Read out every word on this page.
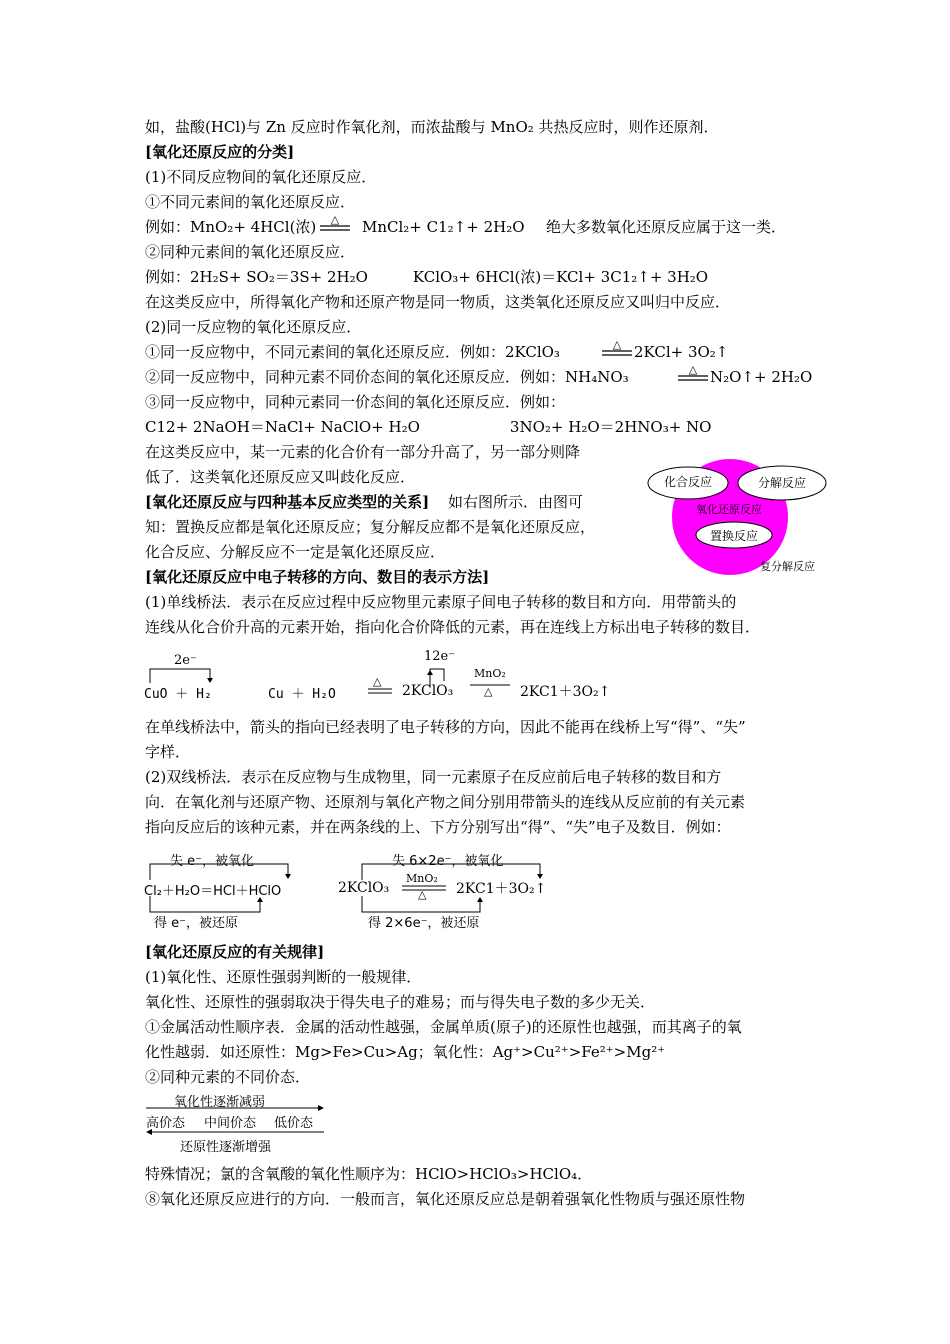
如，盐酸(HCl)与 Zn 反应时作氧化剂，而浓盐酸与 MnO₂ 共热反应时，则作还原剂．
[氧化还原反应的分类]
(1)不同反应物间的氧化还原反应．
①不同元素间的氧化还原反应．
例如：MnO₂+ 4HCl(浓) △ MnCl₂+ C1₂↑+ 2H₂O 绝大多数氧化还原反应属于这一类．
②同种元素间的氧化还原反应．
例如：2H₂S+ SO₂＝3S+ 2H₂O　　　KClO₃+ 6HCl(浓)＝KCl+ 3C1₂↑+ 3H₂O
在这类反应中，所得氧化产物和还原产物是同一物质，这类氧化还原反应又叫归中反应．
(2)同一反应物的氧化还原反应．
①同一反应物中，不同元素间的氧化还原反应．例如：2KClO₃	△ 2KCl+ 3O₂↑
②同一反应物中，同种元素不同价态间的氧化还原反应．例如：NH₄NO₃	△ N₂O↑+ 2H₂O
③同一反应物中，同种元素同一价态间的氧化还原反应．例如：
C12+ 2NaOH＝NaCl+ NaClO+ H₂O　　　　　　3NO₂+ H₂O＝2HNO₃+ NO
在这类反应中，某一元素的化合价有一部分升高了，另一部分则降
低了．这类氧化还原反应又叫歧化反应．
[氧化还原反应与四种基本反应类型的关系] 如右图所示．由图可
知：置换反应都是氧化还原反应；复分解反应都不是氧化还原反应，
化合反应、分解反应不一定是氧化还原反应．
化合反应	分解反应
氧化还原反应
置换反应
复分解反应
[氧化还原反应中电子转移的方向、数目的表示方法]
(1)单线桥法．表示在反应过程中反应物里元素原子间电子转移的数目和方向．用带箭头的
连线从化合价升高的元素开始，指向化合价降低的元素，再在连线上方标出电子转移的数目．
2e⁻
CuO ＋ H₂
△
Cu ＋ H₂O
12e⁻
2KClO₃
MnO₂
△ 2KC1＋3O₂↑
在单线桥法中，箭头的指向已经表明了电子转移的方向，因此不能再在线桥上写“得”、“失”
字样．
(2)双线桥法．表示在反应物与生成物里，同一元素原子在反应前后电子转移的数目和方
向．在氧化剂与还原产物、还原剂与氧化产物之间分别用带箭头的连线从反应前的有关元素
指向反应后的该种元素，并在两条线的上、下方分别写出“得”、“失”电子及数目．例如：
失 e⁻，被氧化
Cl₂＋H₂O＝HCl＋HClO
得 e⁻，被还原
失 6×2e⁻，被氧化
2KClO₃
MnO₂
△ 2KC1＋3O₂↑
得 2×6e⁻，被还原
[氧化还原反应的有关规律]
(1)氧化性、还原性强弱判断的一般规律．
氧化性、还原性的强弱取决于得失电子的难易；而与得失电子数的多少无关．
①金属活动性顺序表．金属的活动性越强，金属单质(原子)的还原性也越强，而其离子的氧
化性越弱．如还原性：Mg>Fe>Cu>Ag；氧化性：Ag⁺>Cu²⁺>Fe²⁺>Mg²⁺
②同种元素的不同价态．
氧化性逐渐减弱
高价态 中间价态 低价态
还原性逐渐增强
特殊情况；氯的含氧酸的氧化性顺序为：HClO>HClO₃>HClO₄．
⑧氧化还原反应进行的方向．一般而言，氧化还原反应总是朝着强氧化性物质与强还原性物
